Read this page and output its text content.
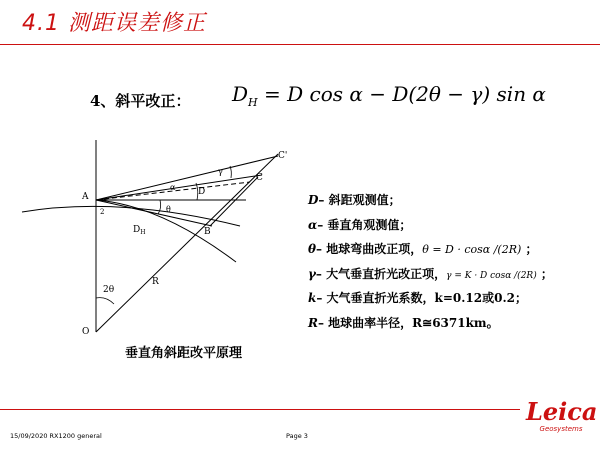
4.1 测距误差修正
4、斜平改正： $D_H = D$ cos α − D(2θ − γ) sin α
A
2
C'
C
γ
α	D
θ
$D_H$	B
R
2θ
O
垂直角斜距改平原理
D– 斜距观测值；
α– 垂直角观测值；
θ– 地球弯曲改正项，θ = D · cosα /(2R) ；
γ– 大气垂直折光改正项，γ = K · D cosα /(2R) ；
k– 大气垂直折光系数，k=0.12或0.2；
R– 地球曲率半径，R≅6371km。
15/09/2020 RX1200 general	Page 3
Leica
Geosystems
